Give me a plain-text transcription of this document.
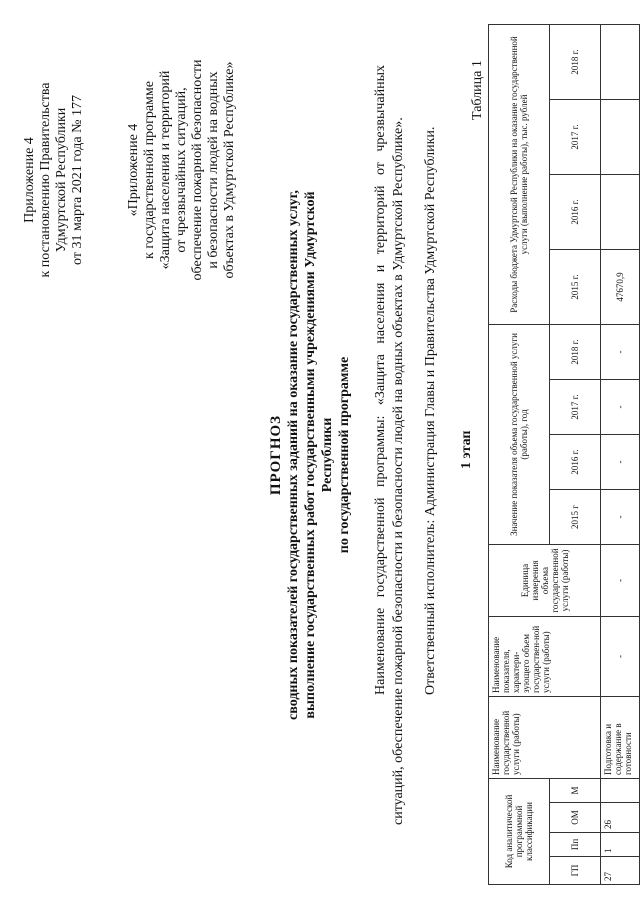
Приложение 4 к постановлению Правительства Удмуртской Республики от 31 марта 2021 года № 177	«Приложение 4 к государственной программе «Защита населения и территорий от чрезвычайных ситуаций, обеспечение пожарной безопасности и безопасности людей на водных объектах в Удмуртской Республике»
ПРОГНОЗ сводных показателей государственных заданий на оказание государственных услуг, выполнение государственных работ государственными учреждениями Удмуртской Республики по государственной программе Наименование государственной программы: «Защита населения и территорий от чрезвычайных ситуаций, обеспечение пожарной безопасности и безопасности людей на водных объектах в Удмуртской Республике». Ответственный исполнитель: Администрация Главы и Правительства Удмуртской Республики. 1 этап
Таблица 1
Код аналитической программной классификации				Наименование государственной услуги (работы)	Наименование показателя, характери-зующего объем государствен-ной услуги (работы)	Единица измерения объема государственной услуги (работы)	Значение показателя объема государственной услуги (работы), год				Расходы бюджета Удмуртской Республики на оказание государственной услуги (выполнение работы), тыс. рублей			
ГП	Пп	ОМ	М				2015 г	2016 г.	2017 г.	2018 г.	2015 г.	2016 г.	2017 г.	2018 г.
27	1	26		Подготовка и содержание в готовности	-	-	-	-	-	-	47670,9			
